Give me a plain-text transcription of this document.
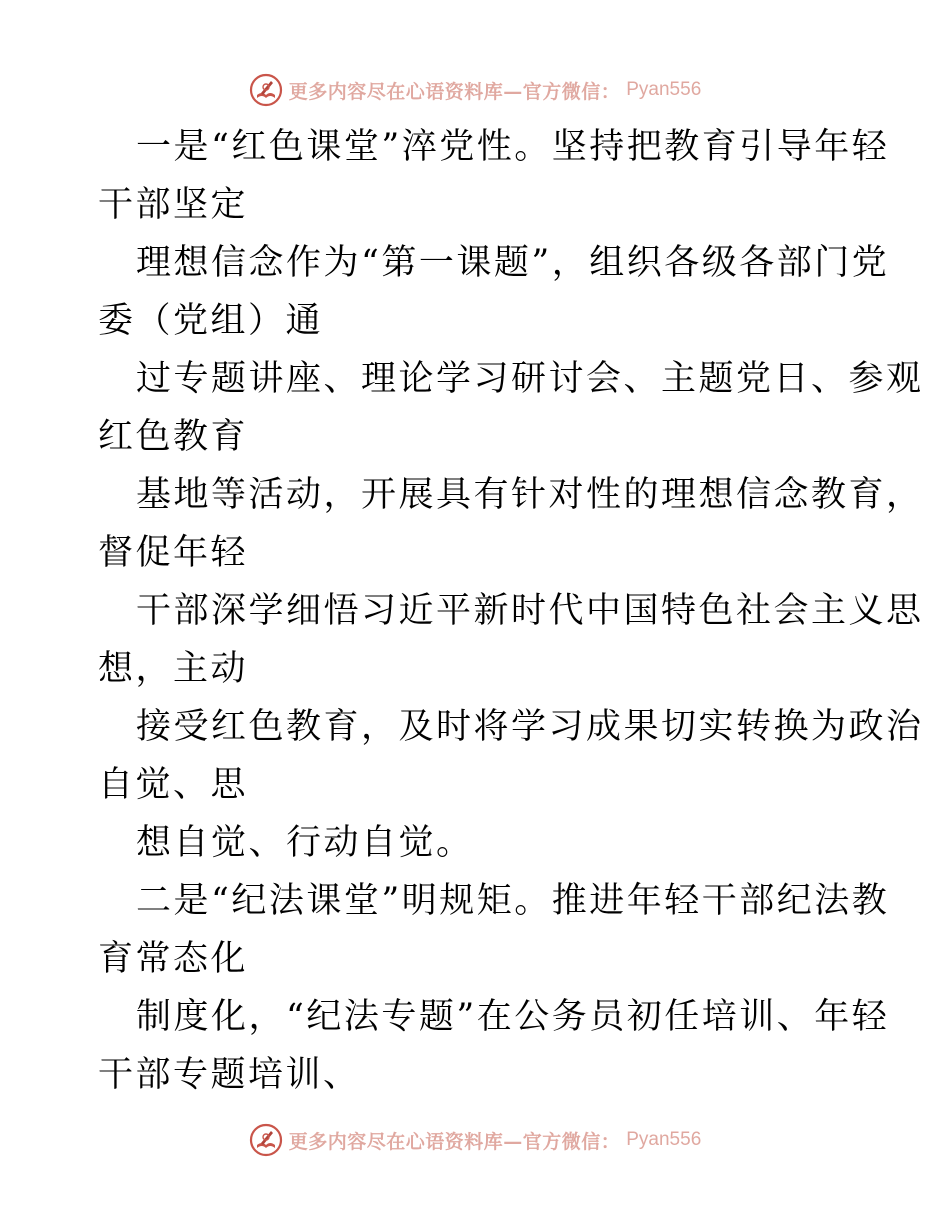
更多内容尽在心语资料库—官方微信： Pyan556
一是“红色课堂”淬党性。坚持把教育引导年轻
干部坚定
理想信念作为“第一课题”，组织各级各部门党
委（党组）通
过专题讲座、理论学习研讨会、主题党日、参观
红色教育
基地等活动，开展具有针对性的理想信念教育，
督促年轻
干部深学细悟习近平新时代中国特色社会主义思
想，主动
接受红色教育，及时将学习成果切实转换为政治
自觉、思
想自觉、行动自觉。
二是“纪法课堂”明规矩。推进年轻干部纪法教
育常态化
制度化，“纪法专题”在公务员初任培训、年轻
干部专题培训、
更多内容尽在心语资料库—官方微信： Pyan556
